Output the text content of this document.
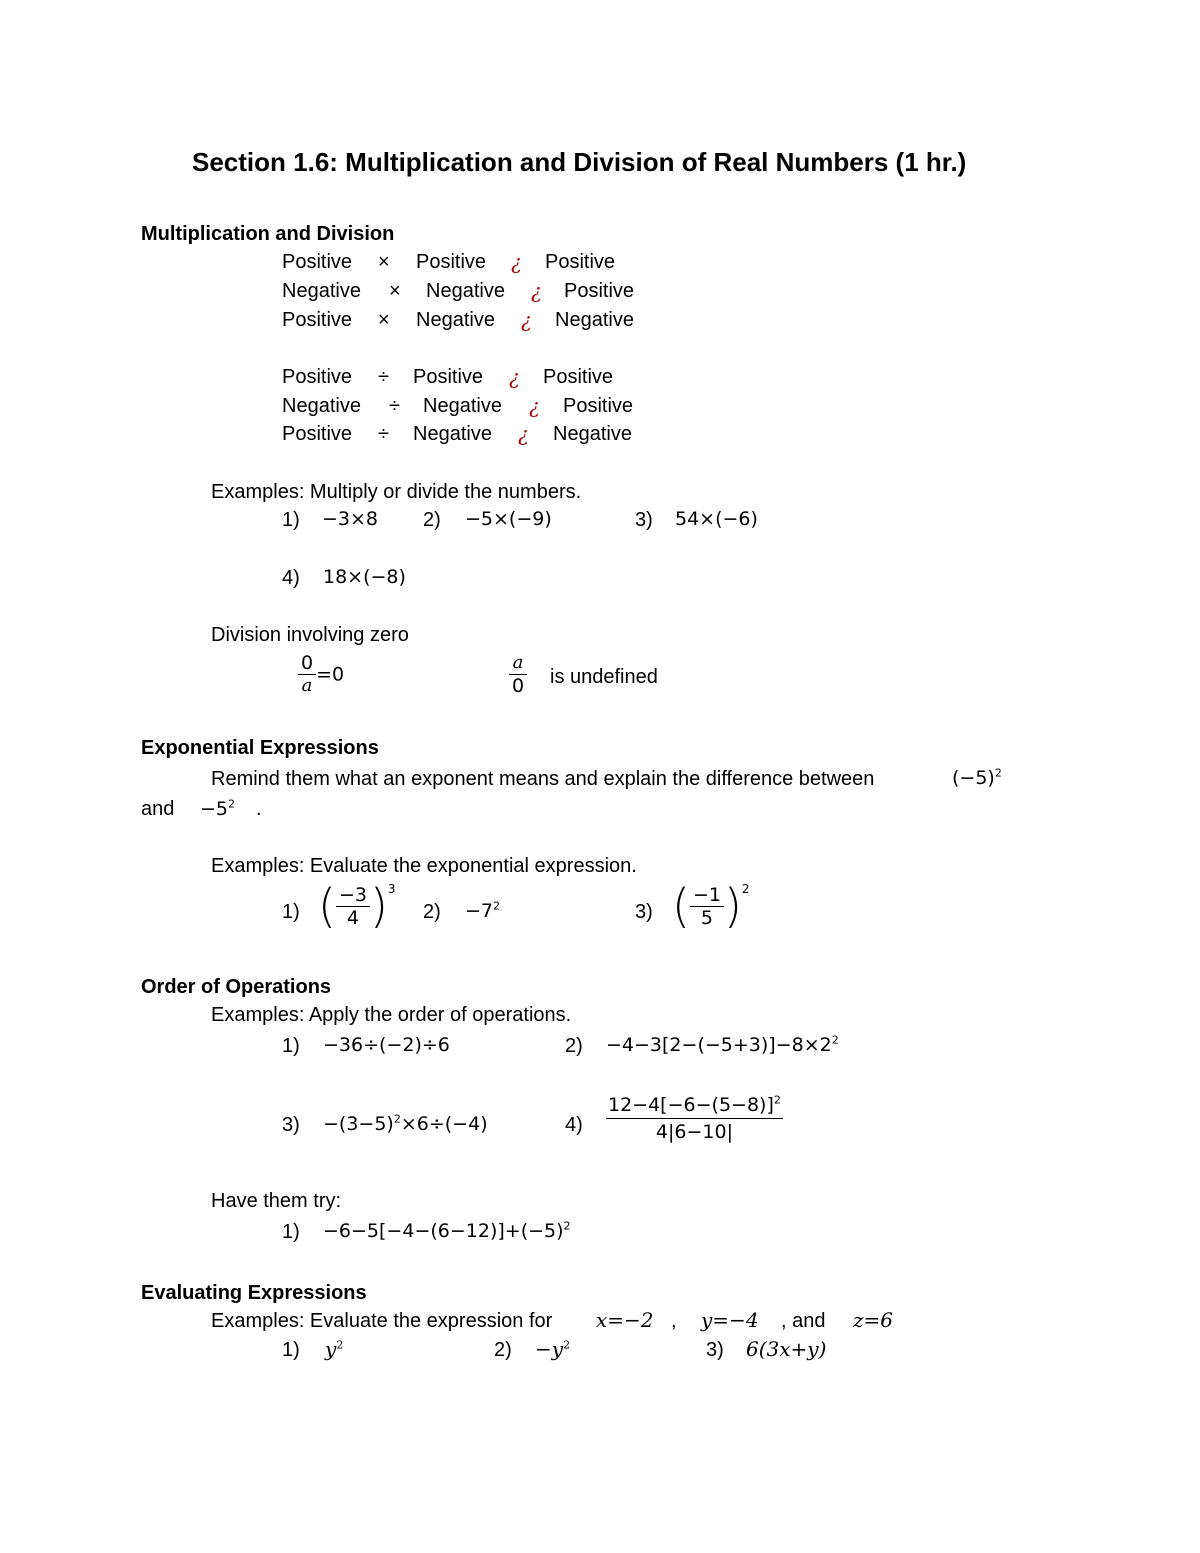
Section 1.6: Multiplication and Division of Real Numbers (1 hr.)
Multiplication and Division
Positive × Positive ¿ Positive
Negative × Negative ¿ Positive
Positive × Negative ¿ Negative
Positive ÷ Positive ¿ Positive
Negative ÷ Negative ¿ Positive
Positive ÷ Negative ¿ Negative
Examples: Multiply or divide the numbers.
1) −3×8 2) −5×(−9)	3) 54×(−6)
4) 18×(−8)
Division involving zero
$\frac{0}{a} =0$	$\frac{a}{0}$ is undefined
Exponential Expressions
Remind them what an exponent means and explain the difference between	$(-5)^2$
and $-5^2$ .
Examples: Evaluate the exponential expression.
1) ( $\frac{-3}{4} )^3$
$2) -7^2$	3) ( $\frac{-1}{5} )^2$
Order of Operations
Examples: Apply the order of operations.
1) −36÷(−2)÷6	$2) -4-3[2-(-5+3)]-8\times 2^2$
$3) -(3-5)^2\times 6\div(-4)$	$4) \frac{12-4[-6-(5-8)]^2}{4|6-10|}$
Have them try:
$1) -6-5[-4-(6-12)]+(-5)^2$
Evaluating Expressions
Examples: Evaluate the expression for x=−2 , y=−4 , and z=6
1) $y^2$	$2) -y^2$	3) 6(3x+y)
